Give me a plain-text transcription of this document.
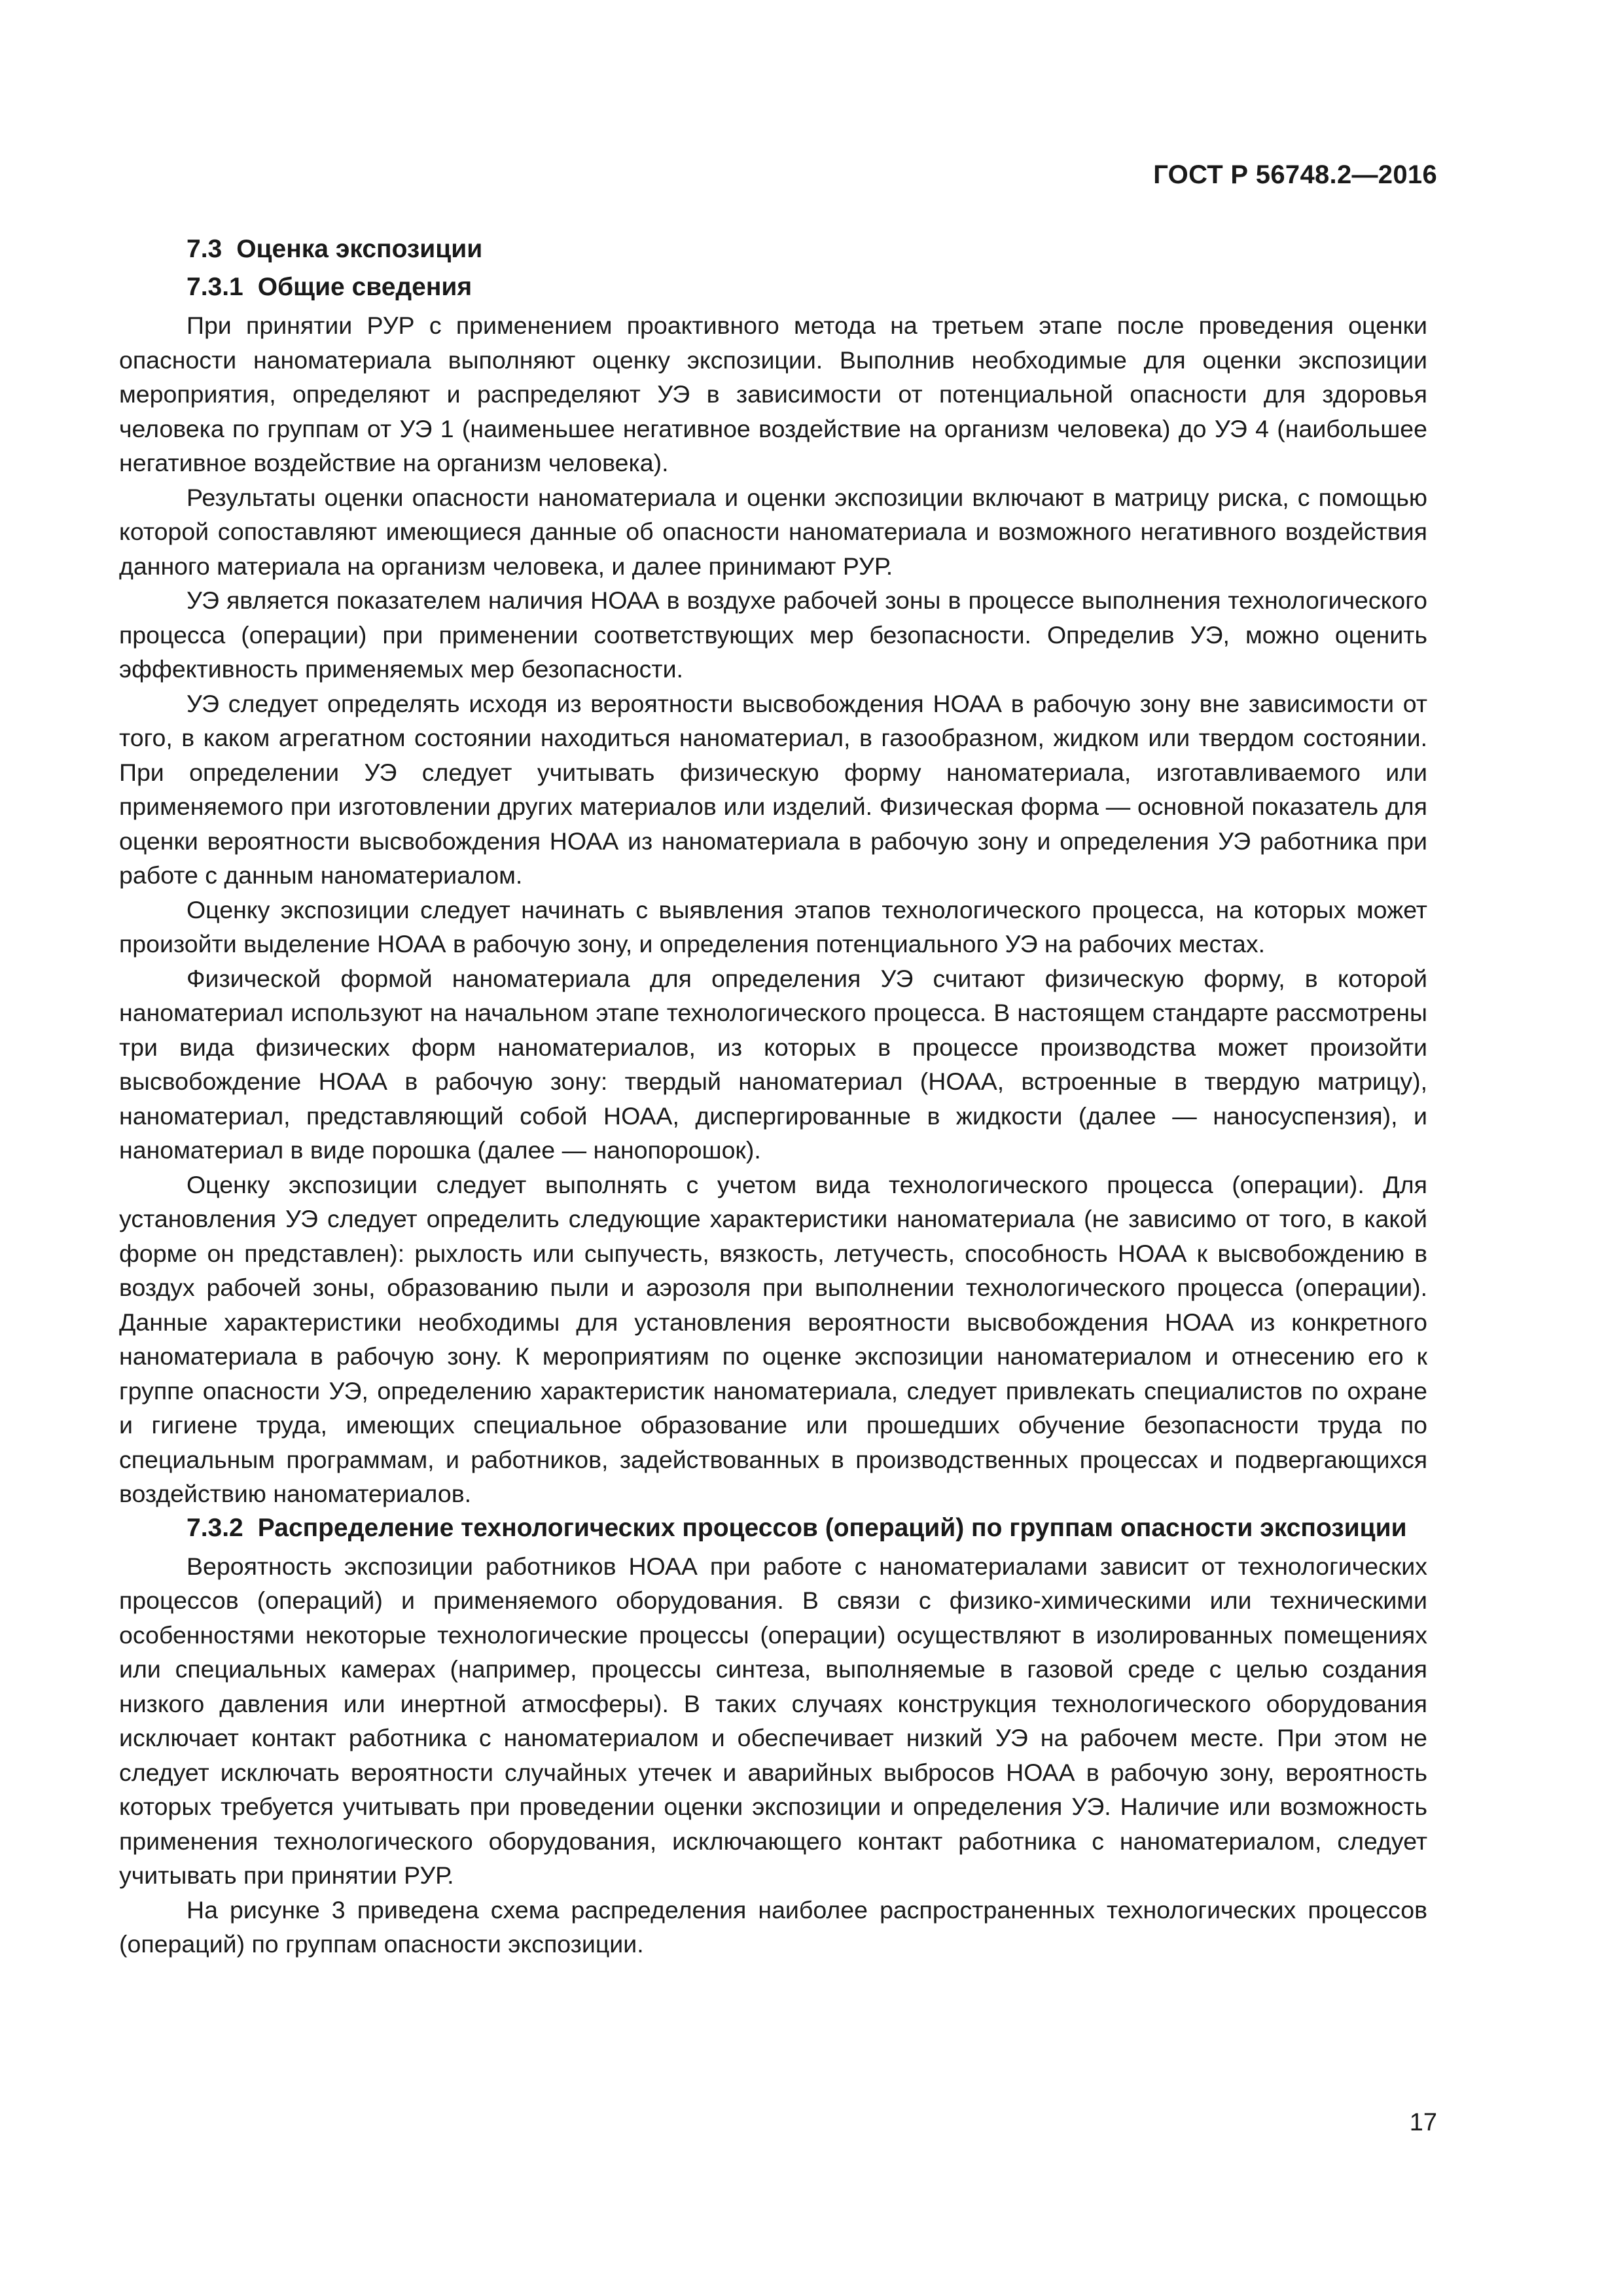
ГОСТ Р 56748.2—2016
7.3 Оценка экспозиции
7.3.1 Общие сведения

При принятии РУР с применением проактивного метода на третьем этапе после проведения оценки опасности наноматериала выполняют оценку экспозиции. Выполнив необходимые для оценки экспозиции мероприятия, определяют и распределяют УЭ в зависимости от потенциальной опасности для здоровья человека по группам от УЭ 1 (наименьшее негативное воздействие на организм человека) до УЭ 4 (наибольшее негативное воздействие на организм человека).

Результаты оценки опасности наноматериала и оценки экспозиции включают в матрицу риска, с помощью которой сопоставляют имеющиеся данные об опасности наноматериала и возможного негативного воздействия данного материала на организм человека, и далее принимают РУР.

УЭ является показателем наличия НОАА в воздухе рабочей зоны в процессе выполнения технологического процесса (операции) при применении соответствующих мер безопасности. Определив УЭ, можно оценить эффективность применяемых мер безопасности.

УЭ следует определять исходя из вероятности высвобождения НОАА в рабочую зону вне зависимости от того, в каком агрегатном состоянии находиться наноматериал, в газообразном, жидком или твердом состоянии. При определении УЭ следует учитывать физическую форму наноматериала, изготавливаемого или применяемого при изготовлении других материалов или изделий. Физическая форма — основной показатель для оценки вероятности высвобождения НОАА из наноматериала в рабочую зону и определения УЭ работника при работе с данным наноматериалом.

Оценку экспозиции следует начинать с выявления этапов технологического процесса, на которых может произойти выделение НОАА в рабочую зону, и определения потенциального УЭ на рабочих местах.

Физической формой наноматериала для определения УЭ считают физическую форму, в которой наноматериал используют на начальном этапе технологического процесса. В настоящем стандарте рассмотрены три вида физических форм наноматериалов, из которых в процессе производства может произойти высвобождение НОАА в рабочую зону: твердый наноматериал (НОАА, встроенные в твердую матрицу), наноматериал, представляющий собой НОАА, диспергированные в жидкости (далее — наносуспензия), и наноматериал в виде порошка (далее — нанопорошок).

Оценку экспозиции следует выполнять с учетом вида технологического процесса (операции). Для установления УЭ следует определить следующие характеристики наноматериала (не зависимо от того, в какой форме он представлен): рыхлость или сыпучесть, вязкость, летучесть, способность НОАА к высвобождению в воздух рабочей зоны, образованию пыли и аэрозоля при выполнении технологического процесса (операции). Данные характеристики необходимы для установления вероятности высвобождения НОАА из конкретного наноматериала в рабочую зону. К мероприятиям по оценке экспозиции наноматериалом и отнесению его к группе опасности УЭ, определению характеристик наноматериала, следует привлекать специалистов по охране и гигиене труда, имеющих специальное образование или прошедших обучение безопасности труда по специальным программам, и работников, задействованных в производственных процессах и подвергающихся воздействию наноматериалов.

7.3.2 Распределение технологических процессов (операций) по группам опасности экспозиции

Вероятность экспозиции работников НОАА при работе с наноматериалами зависит от технологических процессов (операций) и применяемого оборудования. В связи с физико-химическими или техническими особенностями некоторые технологические процессы (операции) осуществляют в изолированных помещениях или специальных камерах (например, процессы синтеза, выполняемые в газовой среде с целью создания низкого давления или инертной атмосферы). В таких случаях конструкция технологического оборудования исключает контакт работника с наноматериалом и обеспечивает низкий УЭ на рабочем месте. При этом не следует исключать вероятности случайных утечек и аварийных выбросов НОАА в рабочую зону, вероятность которых требуется учитывать при проведении оценки экспозиции и определения УЭ. Наличие или возможность применения технологического оборудования, исключающего контакт работника с наноматериалом, следует учитывать при принятии РУР.

На рисунке 3 приведена схема распределения наиболее распространенных технологических процессов (операций) по группам опасности экспозиции.

17
